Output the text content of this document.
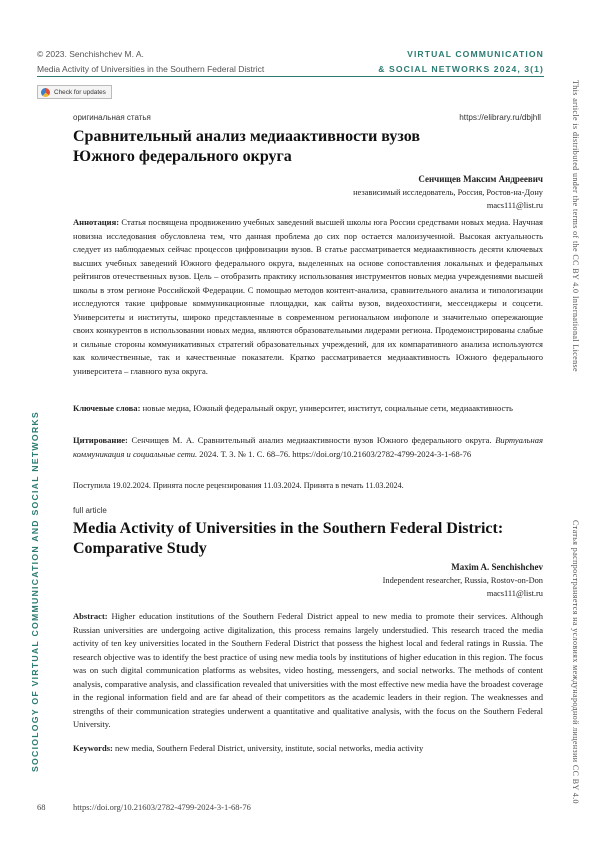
© 2023. Senchishchev M. A.
Media Activity of Universities in the Southern Federal District
VIRTUAL COMMUNICATION
& SOCIAL NETWORKS 2024, 3(1)
Check for updates
оригинальная статья	https://elibrary.ru/dbjhll
Сравнительный анализ медиаактивности вузов
Южного федерального округа
Сенчищев Максим Андреевич
независимый исследователь, Россия, Ростов-на-Дону
macs111@list.ru
Аннотация: Статья посвящена продвижению учебных заведений высшей школы юга России средствами новых медиа. Научная новизна исследования обусловлена тем, что данная проблема до сих пор остается малоизученной. Высокая актуальность следует из наблюдаемых сейчас процессов цифровизации вузов. В статье рассматривается медиаактивность десяти ключевых высших учебных заведений Южного федерального округа, выделенных на основе сопоставления локальных и федеральных рейтингов отечественных вузов. Цель – отобразить практику использования инструментов новых медиа учреждениями высшей школы в этом регионе Российской Федерации. С помощью методов контент-анализа, сравнительного анализа и типологизации исследуются такие цифровые коммуникационные площадки, как сайты вузов, видеохостинги, мессенджеры и соцсети. Университеты и институты, широко представленные в современном региональном инфополе и значительно опережающие своих конкурентов в использовании новых медиа, являются образовательными лидерами региона. Продемонстрированы слабые и сильные стороны коммуникативных стратегий образовательных учреждений, для их компаративного анализа используются как количественные, так и качественные показатели. Кратко рассматривается медиаактивность Южного федерального университета – главного вуза округа.
Ключевые слова: новые медиа, Южный федеральный округ, университет, институт, социальные сети, медиаактивность
Цитирование: Сенчищев М. А. Сравнительный анализ медиаактивности вузов Южного федерального округа. Виртуальная коммуникация и социальные сети. 2024. Т. 3. № 1. С. 68–76. https://doi.org/10.21603/2782-4799-2024-3-1-68-76
Поступила 19.02.2024. Принята после рецензирования 11.03.2024. Принята в печать 11.03.2024.
full article
Media Activity of Universities in the Southern Federal District:
Comparative Study
Maxim A. Senchishchev
Independent researcher, Russia, Rostov-on-Don
macs111@list.ru
Abstract: Higher education institutions of the Southern Federal District appeal to new media to promote their services. Although Russian universities are undergoing active digitalization, this process remains largely understudied. This research traced the media activity of ten key universities located in the Southern Federal District that possess the highest local and federal ratings in Russia. The research objective was to identify the best practice of using new media tools by institutions of higher education in this region. The focus was on such digital communication platforms as websites, video hosting, messengers, and social networks. The methods of content analysis, comparative analysis, and classification revealed that universities with the most effective new media have the broadest coverage in the regional information field and are far ahead of their competitors as the academic leaders in their region. The weaknesses and strengths of their communication strategies underwent a quantitative and qualitative analysis, with the focus on the Southern Federal University.
Keywords: new media, Southern Federal District, university, institute, social networks, media activity
SOCIOLOGY OF VIRTUAL COMMUNICATION AND SOCIAL NETWORKS
This article is distributed under the terms of the CC BY 4.0 International License
Статья распространяется на условиях международной лицензии CC BY 4.0
68	https://doi.org/10.21603/2782-4799-2024-3-1-68-76
